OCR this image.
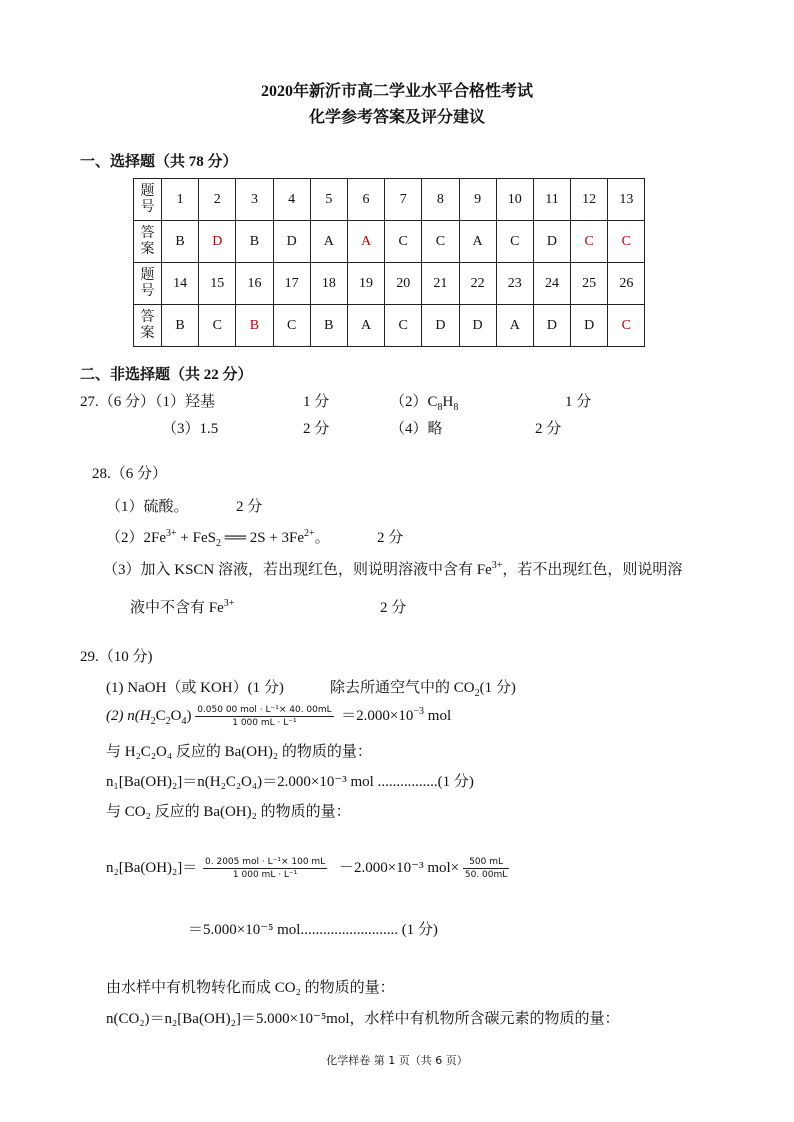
2020年新沂市高二学业水平合格性考试
化学参考答案及评分建议
一、选择题（共 78 分）
题
号	1	2	3	4	5	6	7	8	9	10	11	12	13
答
案	B	D	B	D	A	A	C	C	A	C	D	C	C
题
号	14	15	16	17	18	19	20	21	22	23	24	25	26
答
案	B	C	B	C	B	A	C	D	D	A	D	D	C
二、非选择题（共 22 分）
27.（6 分）（1）羟基	1 分	$(2)C_8H_8$	1 分
（3）1.5	2 分	（4）略	2 分
28.（6 分）
（1）硫酸。	2 分
$(2)2Fe^{3+} + FeS_2$ ══ $2S + 3Fe^{2+}$。	2 分
（3）加入 KSCN 溶液，若出现红色，则说明溶液中含有 $Fe^{3+}$，若不出现红色，则说明溶
液中不含有 $Fe^{3+}$	2 分
29.（10 分)
(1) NaOH（或 KOH）(1 分)	除去所通空气中的 $CO_2(1$ 分)
(2) $n(H_2C_2O_4) \frac{\text{0.050 00 mol · L⁻¹× 40. 00mL}}{\text{1 000 mL · L⁻¹}} =2.000\times 10^{-3}$ mol
与 H₂C₂O₄ 反应的 Ba(OH)₂ 的物质的量：
n₁[Ba(OH)₂]＝n(H₂C₂O₄)＝2.000×10⁻³ mol ................(1 分)
与 CO₂ 反应的 Ba(OH)₂ 的物质的量：
$n_2[Ba(OH)_2]= \frac{\text{0. 2005 mol · L⁻¹× 100 mL}}{\text{1 000 mL · L⁻¹}} -2.000\times 10^{-3}$ $mol\times \frac{500 mL}{50. 00mL}$
＝5.000×10⁻⁵ mol.......................... (1 分)
由水样中有机物转化而成 CO₂ 的物质的量：
n(CO₂)＝n₂[Ba(OH)₂]＝5.000×10⁻⁵mol，水样中有机物所含碳元素的物质的量：
化学样卷 第 1 页（共 6 页）
